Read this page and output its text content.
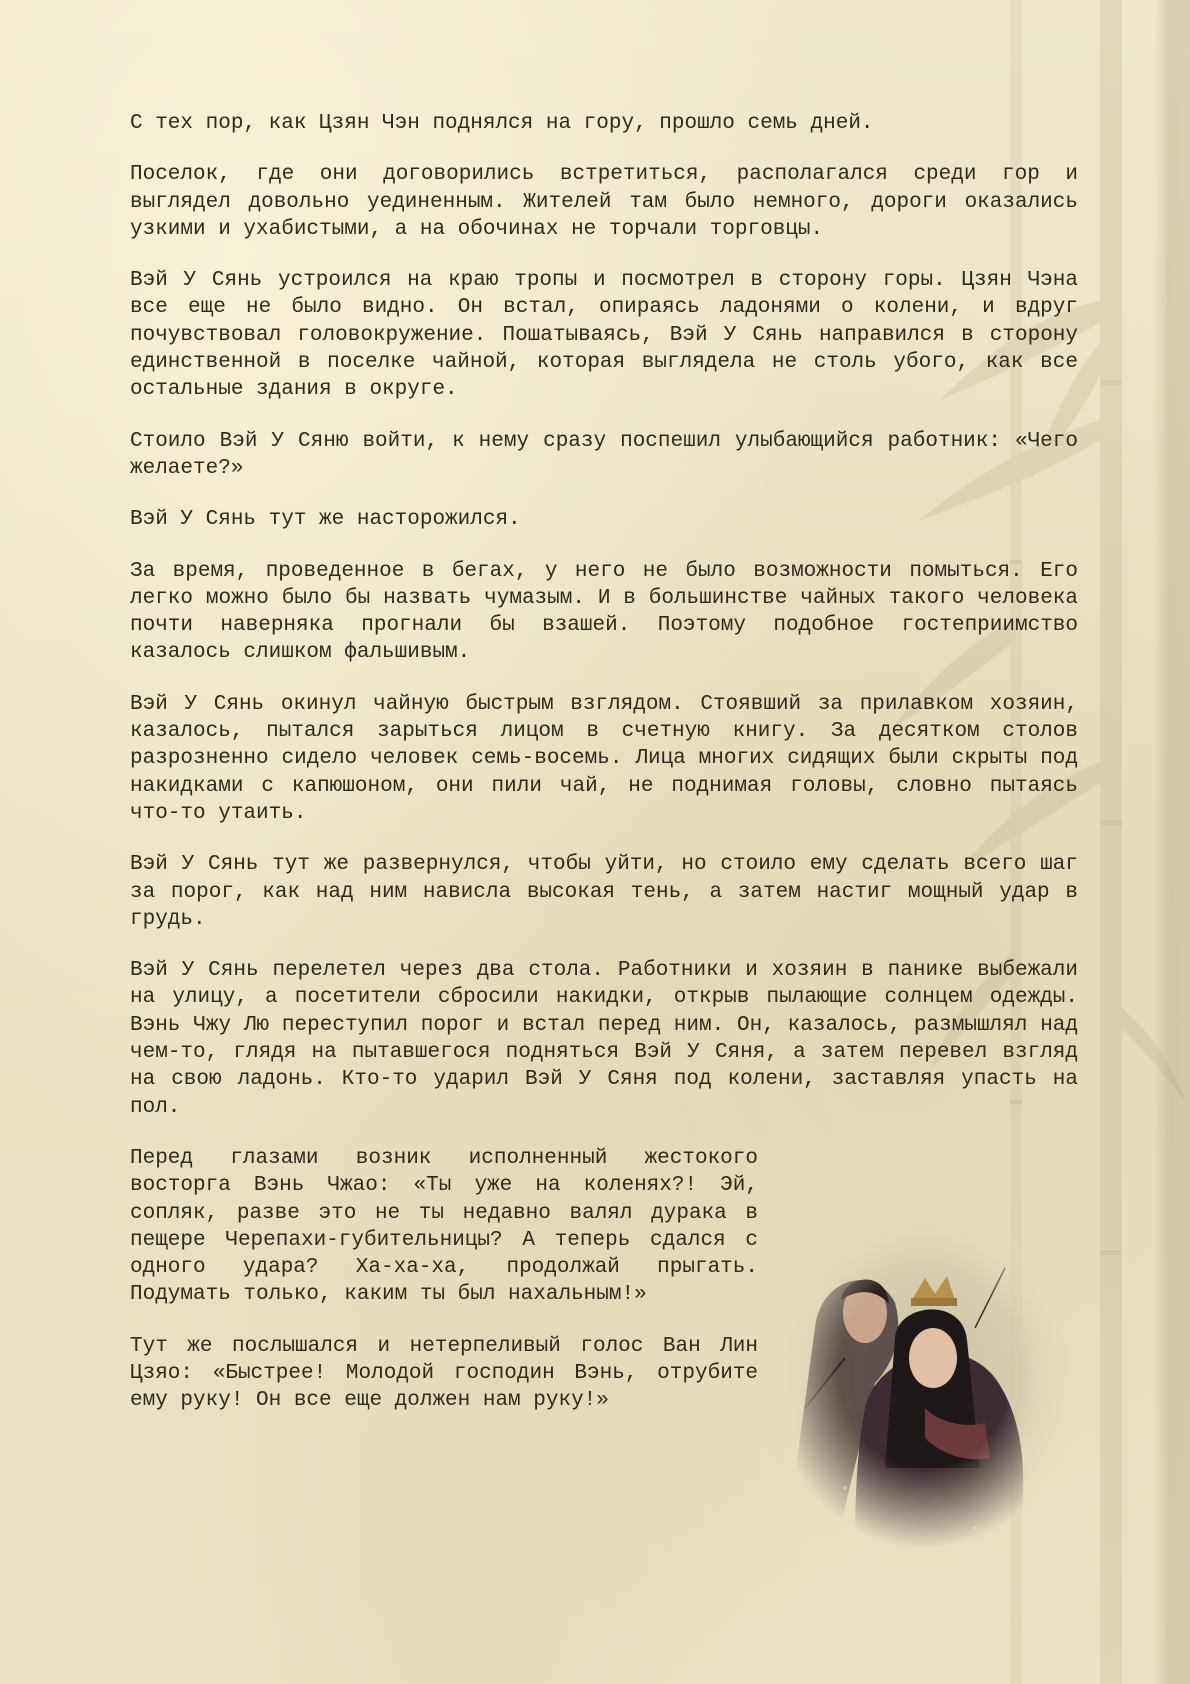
С тех пор, как Цзян Чэн поднялся на гору, прошло семь дней.

Поселок, где они договорились встретиться, располагался среди гор и выглядел довольно уединенным. Жителей там было немного, дороги оказались узкими и ухабистыми, а на обочинах не торчали торговцы.

Вэй У Сянь устроился на краю тропы и посмотрел в сторону горы. Цзян Чэна все еще не было видно. Он встал, опираясь ладонями о колени, и вдруг почувствовал головокружение. Пошатываясь, Вэй У Сянь направился в сторону единственной в поселке чайной, которая выглядела не столь убого, как все остальные здания в округе.

Стоило Вэй У Сяню войти, к нему сразу поспешил улыбающийся работник: «Чего желаете?»

Вэй У Сянь тут же насторожился.

За время, проведенное в бегах, у него не было возможности помыться. Его легко можно было бы назвать чумазым. И в большинстве чайных такого человека почти наверняка прогнали бы взашей. Поэтому подобное гостеприимство казалось слишком фальшивым.

Вэй У Сянь окинул чайную быстрым взглядом. Стоявший за прилавком хозяин, казалось, пытался зарыться лицом в счетную книгу. За десятком столов разрозненно сидело человек семь-восемь. Лица многих сидящих были скрыты под накидками с капюшоном, они пили чай, не поднимая головы, словно пытаясь что-то утаить.

Вэй У Сянь тут же развернулся, чтобы уйти, но стоило ему сделать всего шаг за порог, как над ним нависла высокая тень, а затем настиг мощный удар в грудь.

Вэй У Сянь перелетел через два стола. Работники и хозяин в панике выбежали на улицу, а посетители сбросили накидки, открыв пылающие солнцем одежды. Вэнь Чжу Лю переступил порог и встал перед ним. Он, казалось, размышлял над чем-то, глядя на пытавшегося подняться Вэй У Сяня, а затем перевел взгляд на свою ладонь. Кто-то ударил Вэй У Сяня под колени, заставляя упасть на пол.

Перед глазами возник исполненный жестокого восторга Вэнь Чжао: «Ты уже на коленях?! Эй, сопляк, разве это не ты недавно валял дурака в пещере Черепахи-губительницы? А теперь сдался с одного удара? Ха-ха-ха, продолжай прыгать. Подумать только, каким ты был нахальным!»

Тут же послышался и нетерпеливый голос Ван Лин Цзяо: «Быстрее! Молодой господин Вэнь, отрубите ему руку! Он все еще должен нам руку!»
